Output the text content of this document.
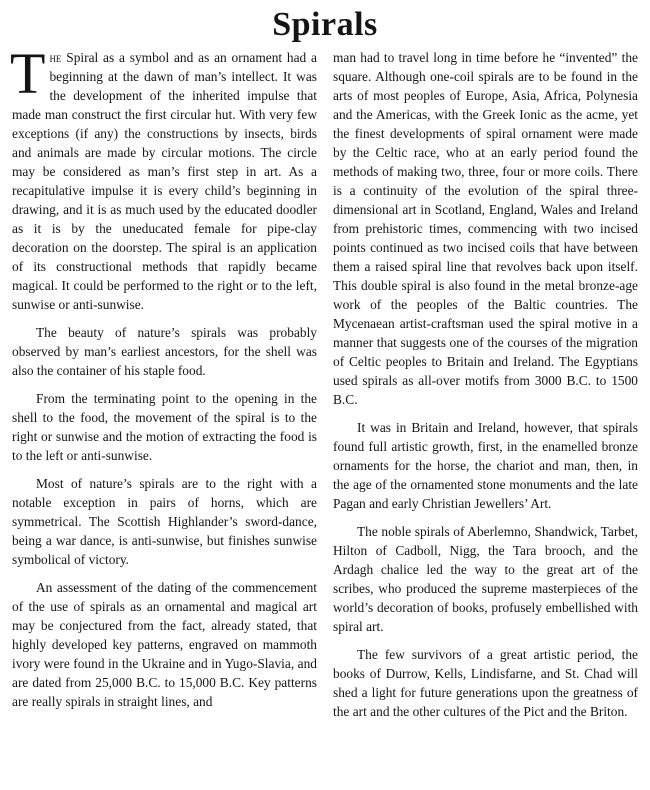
Spirals

The Spiral as a symbol and as an ornament had a beginning at the dawn of man’s intellect. It was the development of the inherited impulse that made man construct the first circular hut. With very few exceptions (if any) the constructions by insects, birds and animals are made by circular motions. The circle may be considered as man’s first step in art. As a recapitulative impulse it is every child’s beginning in drawing, and it is as much used by the educated doodler as it is by the uneducated female for pipe-clay decoration on the doorstep. The spiral is an application of its constructional methods that rapidly became magical. It could be performed to the right or to the left, sunwise or anti-sunwise.

The beauty of nature’s spirals was probably observed by man’s earliest ancestors, for the shell was also the container of his staple food.

From the terminating point to the opening in the shell to the food, the movement of the spiral is to the right or sunwise and the motion of extracting the food is to the left or anti-sunwise.

Most of nature’s spirals are to the right with a notable exception in pairs of horns, which are symmetrical. The Scottish Highlander’s sword-dance, being a war dance, is anti-sunwise, but finishes sunwise symbolical of victory.

An assessment of the dating of the commencement of the use of spirals as an ornamental and magical art may be conjectured from the fact, already stated, that highly developed key patterns, engraved on mammoth ivory were found in the Ukraine and in Yugo-Slavia, and are dated from 25,000 B.C. to 15,000 B.C. Key patterns are really spirals in straight lines, and

man had to travel long in time before he “invented” the square. Although one-coil spirals are to be found in the arts of most peoples of Europe, Asia, Africa, Polynesia and the Americas, with the Greek Ionic as the acme, yet the finest developments of spiral ornament were made by the Celtic race, who at an early period found the methods of making two, three, four or more coils. There is a continuity of the evolution of the spiral three-dimensional art in Scotland, England, Wales and Ireland from prehistoric times, commencing with two incised points continued as two incised coils that have between them a raised spiral line that revolves back upon itself. This double spiral is also found in the metal bronze-age work of the peoples of the Baltic countries. The Mycenaean artist-craftsman used the spiral motive in a manner that suggests one of the courses of the migration of Celtic peoples to Britain and Ireland. The Egyptians used spirals as all-over motifs from 3000 B.C. to 1500 B.C.

It was in Britain and Ireland, however, that spirals found full artistic growth, first, in the enamelled bronze ornaments for the horse, the chariot and man, then, in the age of the ornamented stone monuments and the late Pagan and early Christian Jewellers’ Art.

The noble spirals of Aberlemno, Shandwick, Tarbet, Hilton of Cadboll, Nigg, the Tara brooch, and the Ardagh chalice led the way to the great art of the scribes, who produced the supreme masterpieces of the world’s decoration of books, profusely embellished with spiral art.

The few survivors of a great artistic period, the books of Durrow, Kells, Lindisfarne, and St. Chad will shed a light for future generations upon the greatness of the art and the other cultures of the Pict and the Briton.
